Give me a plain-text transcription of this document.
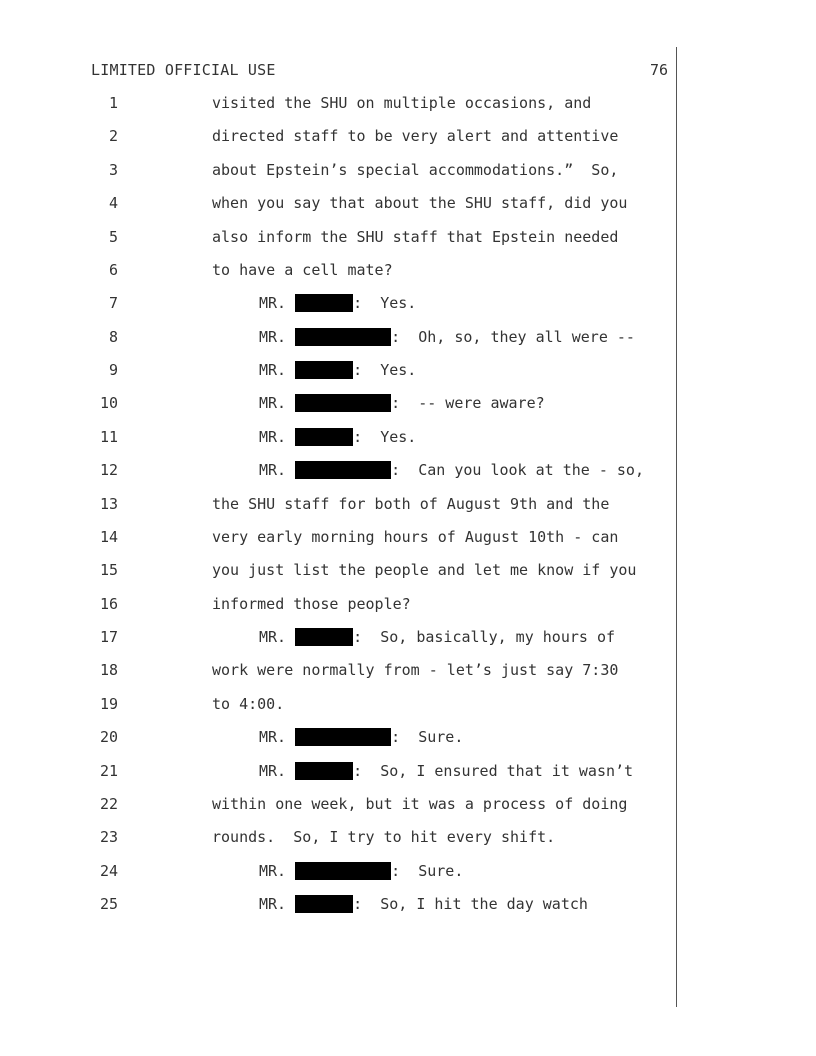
LIMITED OFFICIAL USE	76
1	visited the SHU on multiple occasions, and
2	directed staff to be very alert and attentive
3	about Epstein’s special accommodations.”  So,
4	when you say that about the SHU staff, did you
5	also inform the SHU staff that Epstein needed
6	to have a cell mate?
7	MR.	:  Yes.
8	MR.	:  Oh, so, they all were --
9	MR.	:  Yes.
10	MR.	:  -- were aware?
11	MR.	:  Yes.
12	MR.	:  Can you look at the - so,
13	the SHU staff for both of August 9th and the
14	very early morning hours of August 10th - can
15	you just list the people and let me know if you
16	informed those people?
17	MR.	:  So, basically, my hours of
18	work were normally from - let’s just say 7:30
19	to 4:00.
20	MR.	:  Sure.
21	MR.	:  So, I ensured that it wasn’t
22	within one week, but it was a process of doing
23	rounds.  So, I try to hit every shift.
24	MR.	:  Sure.
25	MR.	:  So, I hit the day watch
